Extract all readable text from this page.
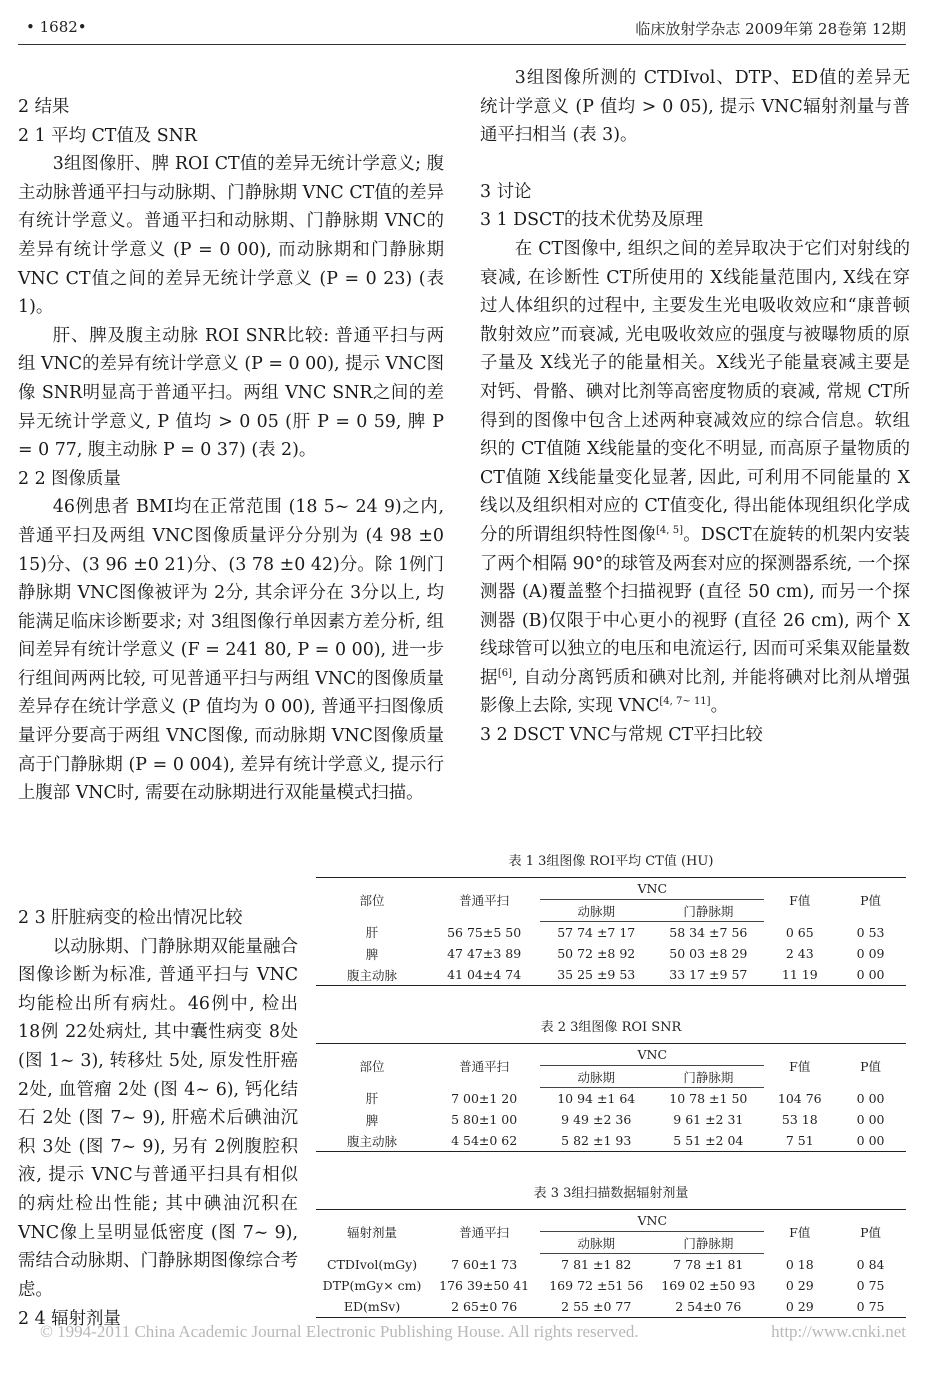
• 1682•	临床放射学杂志 2009年第 28卷第 12期

2 结果

2 1 平均 CT值及 SNR

3组图像肝、脾 ROI CT值的差异无统计学意义; 腹主动脉普通平扫与动脉期、门静脉期 VNC CT值的差异有统计学意义。普通平扫和动脉期、门静脉期 VNC的差异有统计学意义 (P = 0 00), 而动脉期和门静脉期 VNC CT值之间的差异无统计学意义 (P = 0 23) (表 1)。

肝、脾及腹主动脉 ROI SNR比较: 普通平扫与两组 VNC的差异有统计学意义 (P = 0 00), 提示 VNC图像 SNR明显高于普通平扫。两组 VNC SNR之间的差异无统计学意义, P 值均 > 0 05 (肝 P = 0 59, 脾 P = 0 77, 腹主动脉 P = 0 37) (表 2)。

2 2 图像质量

46例患者 BMI均在正常范围 (18 5~ 24 9)之内, 普通平扫及两组 VNC图像质量评分分别为 (4 98 ±0 15)分、(3 96 ±0 21)分、(3 78 ±0 42)分。除 1例门静脉期 VNC图像被评为 2分, 其余评分在 3分以上, 均能满足临床诊断要求; 对 3组图像行单因素方差分析, 组间差异有统计学意义 (F = 241 80, P = 0 00), 进一步行组间两两比较, 可见普通平扫与两组 VNC的图像质量差异存在统计学意义 (P 值均为 0 00), 普通平扫图像质量评分要高于两组 VNC图像, 而动脉期 VNC图像质量高于门静脉期 (P = 0 004), 差异有统计学意义, 提示行上腹部 VNC时, 需要在动脉期进行双能量模式扫描。

2 3 肝脏病变的检出情况比较

以动脉期、门静脉期双能量融合图像诊断为标准, 普通平扫与 VNC均能检出所有病灶。46例中, 检出 18例 22处病灶, 其中囊性病变 8处 (图 1~ 3), 转移灶 5处, 原发性肝癌 2处, 血管瘤 2处 (图 4~ 6), 钙化结石 2处 (图 7~ 9), 肝癌术后碘油沉积 3处 (图 7~ 9), 另有 2例腹腔积液, 提示 VNC与普通平扫具有相似的病灶检出性能; 其中碘油沉积在 VNC像上呈明显低密度 (图 7~ 9), 需结合动脉期、门静脉期图像综合考虑。

2 4 辐射剂量

3组图像所测的 CTDIvol、DTP、ED值的差异无统计学意义 (P 值均 > 0 05), 提示 VNC辐射剂量与普通平扫相当 (表 3)。

3 讨论

3 1 DSCT的技术优势及原理

在 CT图像中, 组织之间的差异取决于它们对射线的衰减, 在诊断性 CT所使用的 X线能量范围内, X线在穿过人体组织的过程中, 主要发生光电吸收效应和“康普顿散射效应”而衰减, 光电吸收效应的强度与被曝物质的原子量及 X线光子的能量相关。X线光子能量衰减主要是对钙、骨骼、碘对比剂等高密度物质的衰减, 常规 CT所得到的图像中包含上述两种衰减效应的综合信息。软组织的 CT值随 X线能量的变化不明显, 而高原子量物质的 CT值随 X线能量变化显著, 因此, 可利用不同能量的 X线以及组织相对应的 CT值变化, 得出能体现组织化学成分的所谓组织特性图像[4, 5]。DSCT在旋转的机架内安装了两个相隔 90°的球管及两套对应的探测器系统, 一个探测器 (A)覆盖整个扫描视野 (直径 50 cm), 而另一个探测器 (B)仅限于中心更小的视野 (直径 26 cm), 两个 X线球管可以独立的电压和电流运行, 因而可采集双能量数据[6], 自动分离钙质和碘对比剂, 并能将碘对比剂从增强影像上去除, 实现 VNC[4, 7~ 11]。

3 2 DSCT VNC与常规 CT平扫比较

表 1 3组图像 ROI平均 CT值 (HU)

部位	普通平扫	VNC		F值	P值
		动脉期	门静脉期		
肝	56 75±5 50	57 74 ±7 17	58 34 ±7 56	0 65	0 53
脾	47 47±3 89	50 72 ±8 92	50 03 ±8 29	2 43	0 09
腹主动脉	41 04±4 74	35 25 ±9 53	33 17 ±9 57	11 19	0 00

表 2 3组图像 ROI SNR

部位	普通平扫	VNC		F值	P值
		动脉期	门静脉期		
肝	7 00±1 20	10 94 ±1 64	10 78 ±1 50	104 76	0 00
脾	5 80±1 00	9 49 ±2 36	9 61 ±2 31	53 18	0 00
腹主动脉	4 54±0 62	5 82 ±1 93	5 51 ±2 04	7 51	0 00

表 3 3组扫描数据辐射剂量

辐射剂量	普通平扫	VNC		F值	P值
		动脉期	门静脉期		
CTDIvol(mGy)	7 60±1 73	7 81 ±1 82	7 78 ±1 81	0 18	0 84
DTP(mGy× cm)	176 39±50 41	169 72 ±51 56	169 02 ±50 93	0 29	0 75
ED(mSv)	2 65±0 76	2 55 ±0 77	2 54±0 76	0 29	0 75
© 1994-2011 China Academic Journal Electronic Publishing House. All rights reserved.	http://www.cnki.net
